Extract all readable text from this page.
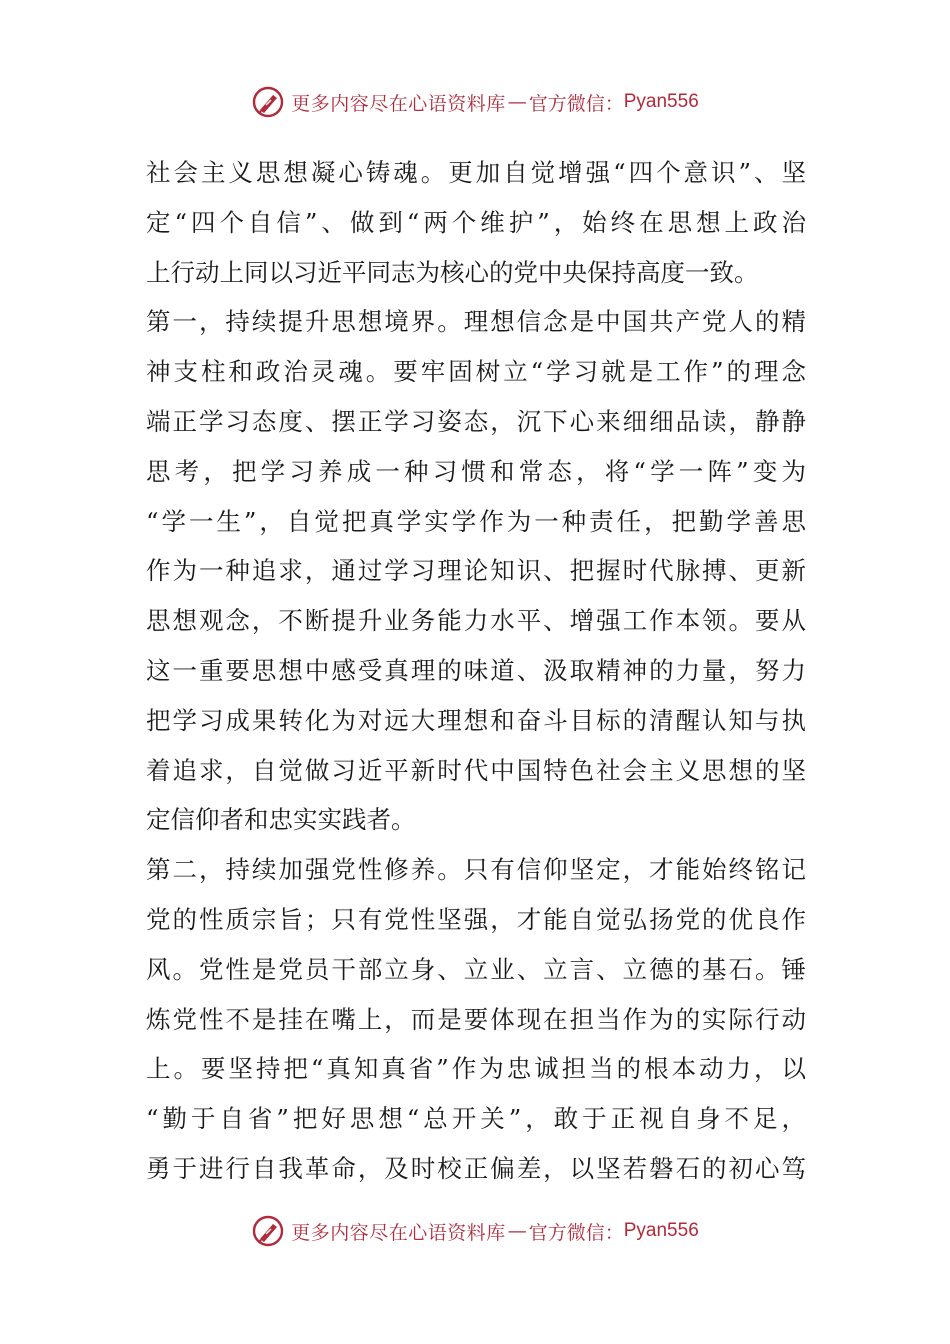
更多内容尽在心语资料库 — 官方微信： Pyan556
社会主义思想凝心铸魂。更加自觉增强“四个意识”、坚
定“四个自信”、做到“两个维护”，始终在思想上政治
上行动上同以习近平同志为核心的党中央保持高度一致。
第一，持续提升思想境界。理想信念是中国共产党人的精
神支柱和政治灵魂。要牢固树立“学习就是工作”的理念
端正学习态度、摆正学习姿态，沉下心来细细品读，静静
思考，把学习养成一种习惯和常态，将“学一阵”变为
“学一生”，自觉把真学实学作为一种责任，把勤学善思
作为一种追求，通过学习理论知识、把握时代脉搏、更新
思想观念，不断提升业务能力水平、增强工作本领。要从
这一重要思想中感受真理的味道、汲取精神的力量，努力
把学习成果转化为对远大理想和奋斗目标的清醒认知与执
着追求，自觉做习近平新时代中国特色社会主义思想的坚
定信仰者和忠实实践者。
第二，持续加强党性修养。只有信仰坚定，才能始终铭记
党的性质宗旨；只有党性坚强，才能自觉弘扬党的优良作
风。党性是党员干部立身、立业、立言、立德的基石。锤
炼党性不是挂在嘴上，而是要体现在担当作为的实际行动
上。要坚持把“真知真省”作为忠诚担当的根本动力，以
“勤于自省”把好思想“总开关”，敢于正视自身不足，
勇于进行自我革命，及时校正偏差，以坚若磐石的初心笃
更多内容尽在心语资料库 — 官方微信： Pyan556
